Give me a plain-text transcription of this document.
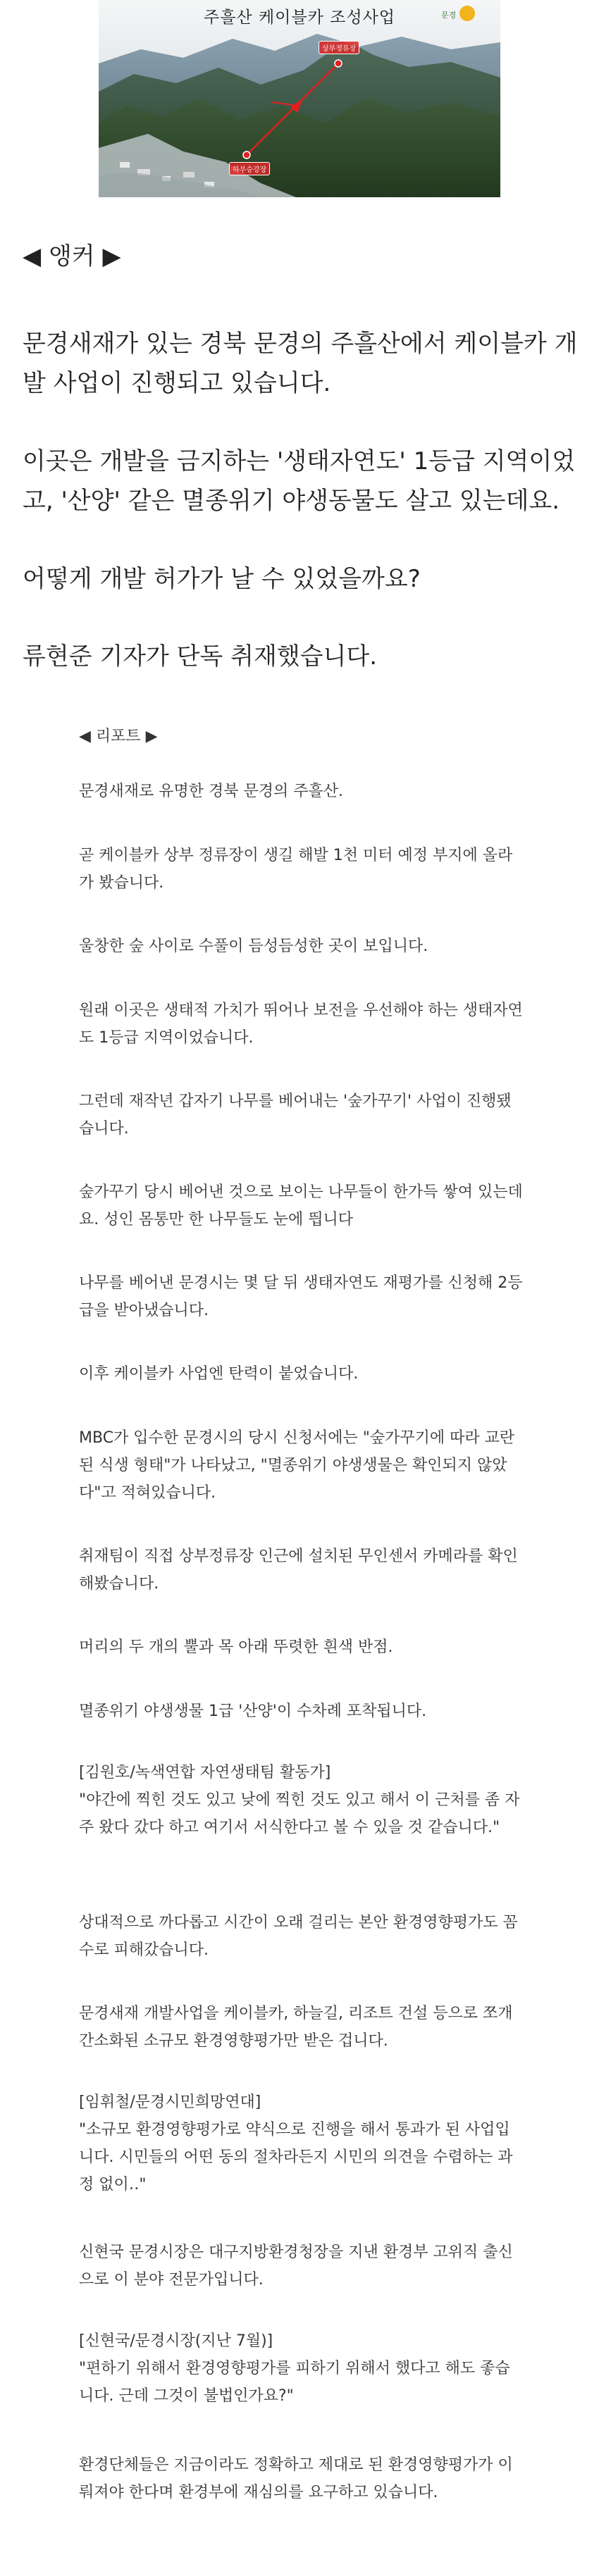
주흘산 케이블카 조성사업	문경
상부정류장
하부승강장

◀ 앵커 ▶

문경새재가 있는 경북 문경의 주흘산에서 케이블카 개발 사업이 진행되고 있습니다.

이곳은 개발을 금지하는 '생태자연도' 1등급 지역이었고, '산양' 같은 멸종위기 야생동물도 살고 있는데요.

어떻게 개발 허가가 날 수 있었을까요?

류현준 기자가 단독 취재했습니다.

◀ 리포트 ▶

문경새재로 유명한 경북 문경의 주흘산.

곧 케이블카 상부 정류장이 생길 해발 1천 미터 예정 부지에 올라가 봤습니다.

울창한 숲 사이로 수풀이 듬성듬성한 곳이 보입니다.

원래 이곳은 생태적 가치가 뛰어나 보전을 우선해야 하는 생태자연도 1등급 지역이었습니다.

그런데 재작년 갑자기 나무를 베어내는 '숲가꾸기' 사업이 진행됐습니다.

숲가꾸기 당시 베어낸 것으로 보이는 나무들이 한가득 쌓여 있는데요. 성인 몸통만 한 나무들도 눈에 띕니다

나무를 베어낸 문경시는 몇 달 뒤 생태자연도 재평가를 신청해 2등급을 받아냈습니다.

이후 케이블카 사업엔 탄력이 붙었습니다.

MBC가 입수한 문경시의 당시 신청서에는 "숲가꾸기에 따라 교란된 식생 형태"가 나타났고, "멸종위기 야생생물은 확인되지 않았다"고 적혀있습니다.

취재팀이 직접 상부정류장 인근에 설치된 무인센서 카메라를 확인해봤습니다.

머리의 두 개의 뿔과 목 아래 뚜렷한 흰색 반점.

멸종위기 야생생물 1급 '산양'이 수차례 포착됩니다.

[김원호/녹색연합 자연생태팀 활동가]

"야간에 찍힌 것도 있고 낮에 찍힌 것도 있고 해서 이 근처를 좀 자주 왔다 갔다 하고 여기서 서식한다고 볼 수 있을 것 같습니다."

상대적으로 까다롭고 시간이 오래 걸리는 본안 환경영향평가도 꼼수로 피해갔습니다.

문경새재 개발사업을 케이블카, 하늘길, 리조트 건설 등으로 쪼개 간소화된 소규모 환경영향평가만 받은 겁니다.

[임휘철/문경시민희망연대]

"소규모 환경영향평가로 약식으로 진행을 해서 통과가 된 사업입니다. 시민들의 어떤 동의 절차라든지 시민의 의견을 수렴하는 과정 없이‥"

신현국 문경시장은 대구지방환경청장을 지낸 환경부 고위직 출신으로 이 분야 전문가입니다.

[신현국/문경시장(지난 7월)]

"편하기 위해서 환경영향평가를 피하기 위해서 했다고 해도 좋습니다. 근데 그것이 불법인가요?"

환경단체들은 지금이라도 정확하고 제대로 된 환경영향평가가 이뤄져야 한다며 환경부에 재심의를 요구하고 있습니다.
